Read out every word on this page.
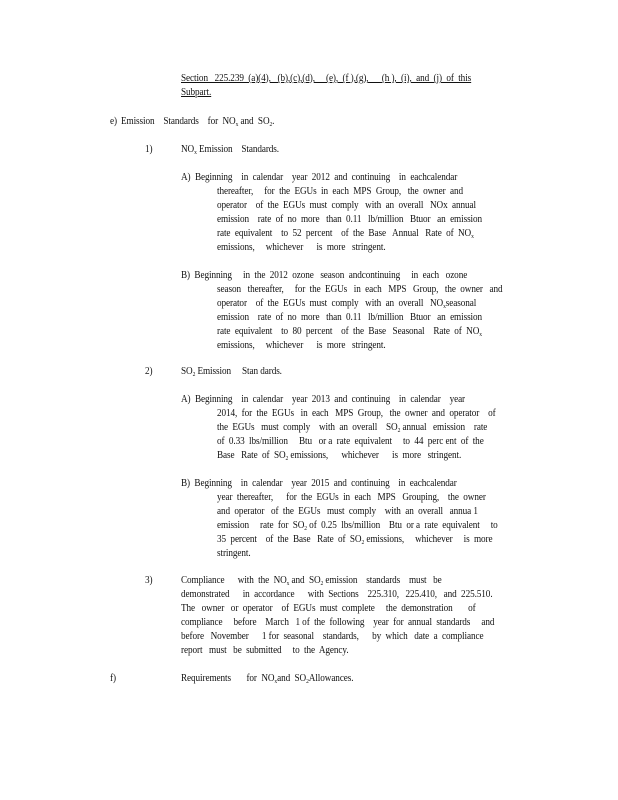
Section   225.239  (a)(4),   (b),(c),(d),     (e),  (f ),(g),      (h ),  (i),  and  (j)  of  this
Subpart.
e) Emission    Standards    for  $NO_x$ and  $SO_2$.
1)	$NO_x$ Emission    Standards.
A)  Beginning    in  calendar    year  2012  and  continuing    in  eachcalendar
thereafter,     for  the  EGUs  in  each  MPS  Group,   the  owner  and
operator    of  the  EGUs  must  comply   with  an  overall   NOx  annual
emission    rate  of  no  more   than  0.11   lb/million   Btuor   an  emission
rate  equivalent    to  52  percent    of  the  Base   Annual   Rate  of  $NO_x$
emissions,     whichever      is  more   stringent.
B)  Beginning     in  the  2012  ozone   season  andcontinuing     in  each   ozone
season   thereafter,     for  the  EGUs   in  each   MPS   Group,   the  owner   and
operator    of  the  EGUs  must  comply   with  an  overall   $NO_xseasonal$
emission    rate  of  no  more   than  0.11   lb/million   Btuor   an  emission
rate  equivalent    to  80  percent    of  the  Base   Seasonal    Rate  of  $NO_x$
emissions,     whichever      is  more   stringent.
2)	$SO_2$ Emission     Stan dards.
A)  Beginning    in  calendar    year  2013  and  continuing    in  calendar    year
2014,  for  the  EGUs   in  each   MPS  Group,   the  owner  and  operator    of
the  EGUs   must  comply    with  an  overall    $SO_2$ annual   emission    rate
of  0.33  lbs/million     Btu   or a  rate  equivalent     to  44  perc ent  of  the
Base   Rate  of  $SO_2$ emissions,      whichever      is  more   stringent.
B)  Beginning    in  calendar    year  2015  and  continuing    in  eachcalendar
year  thereafter,      for  the  EGUs  in  each   MPS   Grouping,    the  owner
and  operator   of  the  EGUs   must  comply    with  an  overall   annua 1
emission     rate  for  $SO_2$ of  0.25  lbs/million    Btu  or a  rate  equivalent     to
35  percent    of  the  Base   Rate  of  $SO_2$ emissions,     whichever     is  more
stringent.
3)	Compliance      with  the  $NO_x$ and  $SO_2$ emission    standards    must   be
demonstrated      in  accordance      with  Sections    225.310,   225.410,   and  225.510.
The   owner   or  operator    of  EGUs  must  complete     the  demonstration       of
compliance     before    March   1 of  the  following    year  for  annual  standards     and
before   November      1 for  seasonal    standards,      by  which   date  a  compliance
report   must   be  submitted     to  the  Agency.
f)	Requirements       for  $NO_xand$  $SO_2Allowances$.
